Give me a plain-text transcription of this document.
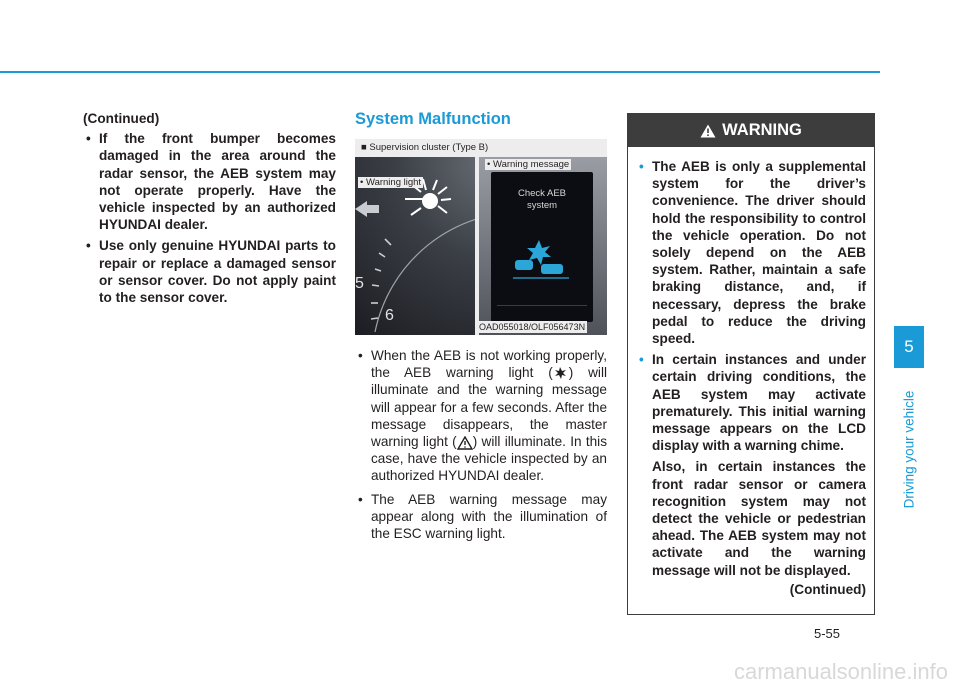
(Continued)
• If the front bumper becomes damaged in the area around the radar sensor, the AEB system may not operate properly. Have the vehicle inspected by an authorized HYUNDAI dealer.
• Use only genuine HYUNDAI parts to repair or replace a damaged sensor or sensor cover. Do not apply paint to the sensor cover.
System Malfunction
■ Supervision cluster (Type B)
5
6
• Warning light
• Warning message
Check AEB
system
OAD055018/OLF056473N
• When the AEB is not working properly, the AEB warning light ( ) will illuminate and the warning message will appear for a few seconds. After the message disappears, the master warning light ( ) will illuminate. In this case, have the vehicle inspected by an authorized HYUNDAI dealer.
• The AEB warning message may appear along with the illumination of the ESC warning light.
WARNING
• The AEB is only a supplemental system for the driver’s convenience. The driver should hold the responsibility to control the vehicle operation. Do not solely depend on the AEB system. Rather, maintain a safe braking distance, and, if necessary, depress the brake pedal to reduce the driving speed.
• In certain instances and under certain driving conditions, the AEB system may activate prematurely. This initial warning message appears on the LCD display with a warning chime.

Also, in certain instances the front radar sensor or camera recognition system may not detect the vehicle or pedestrian ahead. The AEB system may not activate and the warning message will not be displayed.

(Continued)

5-55
5
Driving your vehicle
carmanualsonline.info
